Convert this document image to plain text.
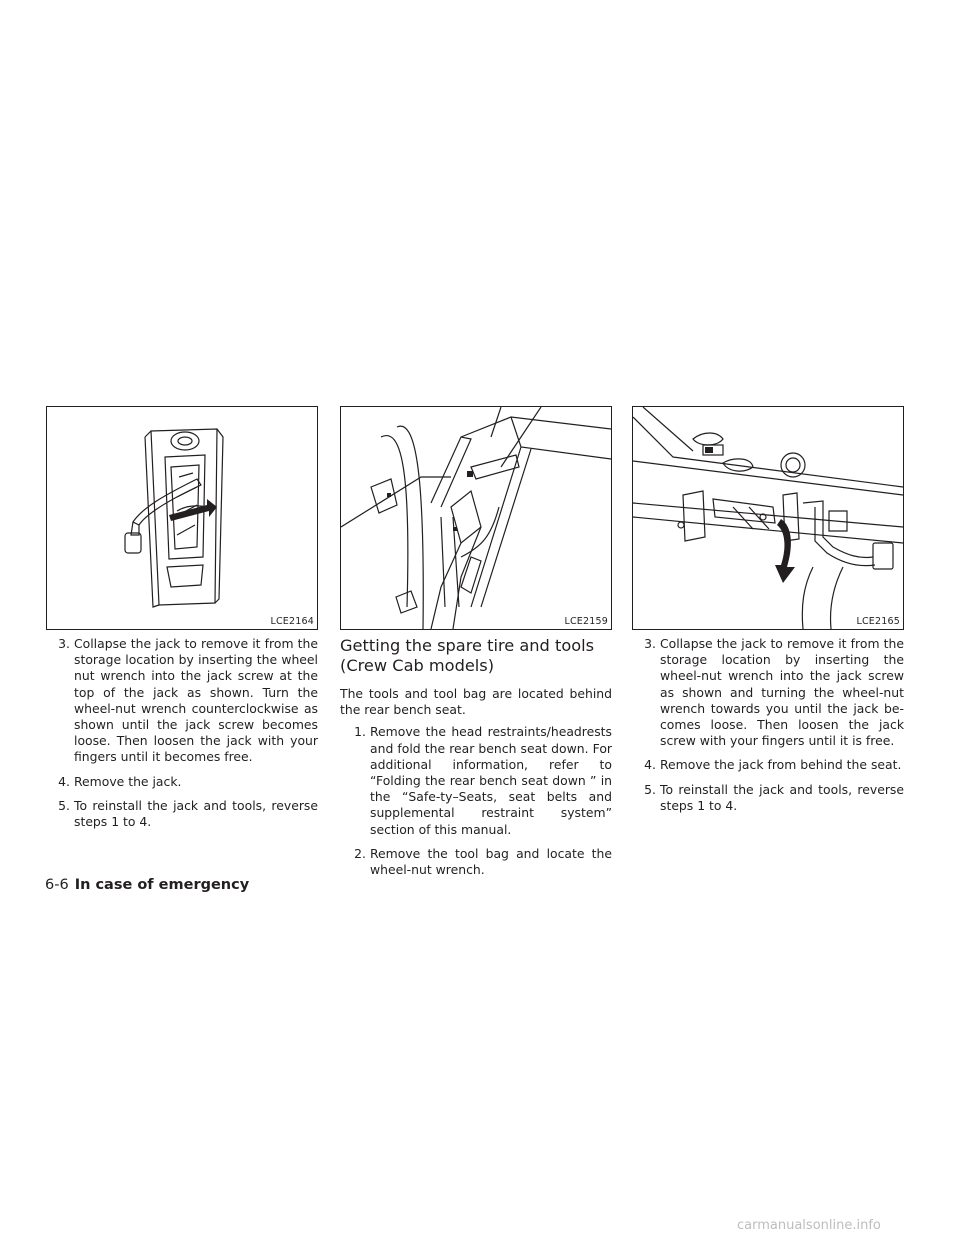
LCE2164
3. Collapse the jack to remove it from the storage location by inserting the wheel nut wrench into the jack screw at the top of the jack as shown. Turn the wheel-nut wrench counterclockwise as shown until the jack screw becomes loose. Then loosen the jack with your fingers until it becomes free.
4. Remove the jack.
5. To reinstall the jack and tools, reverse steps 1 to 4.
LCE2159
Getting the spare tire and tools
(Crew Cab models)

The tools and tool bag are located behind the rear bench seat.

1. Remove the head restraints/headrests and fold the rear bench seat down. For additional information, refer to “Folding the rear bench seat down ” in the “Safe-ty–Seats, seat belts and supplemental restraint system” section of this manual.
2. Remove the tool bag and locate the wheel-nut wrench.
LCE2165
3. Collapse the jack to remove it from the storage location by inserting the wheel-nut wrench into the jack screw as shown and turning the wheel-nut wrench towards you until the jack be-comes loose. Then loosen the jack screw with your fingers until it is free.
4. Remove the jack from behind the seat.
5. To reinstall the jack and tools, reverse steps 1 to 4.
6-6 In case of emergency
carmanualsonline.info
